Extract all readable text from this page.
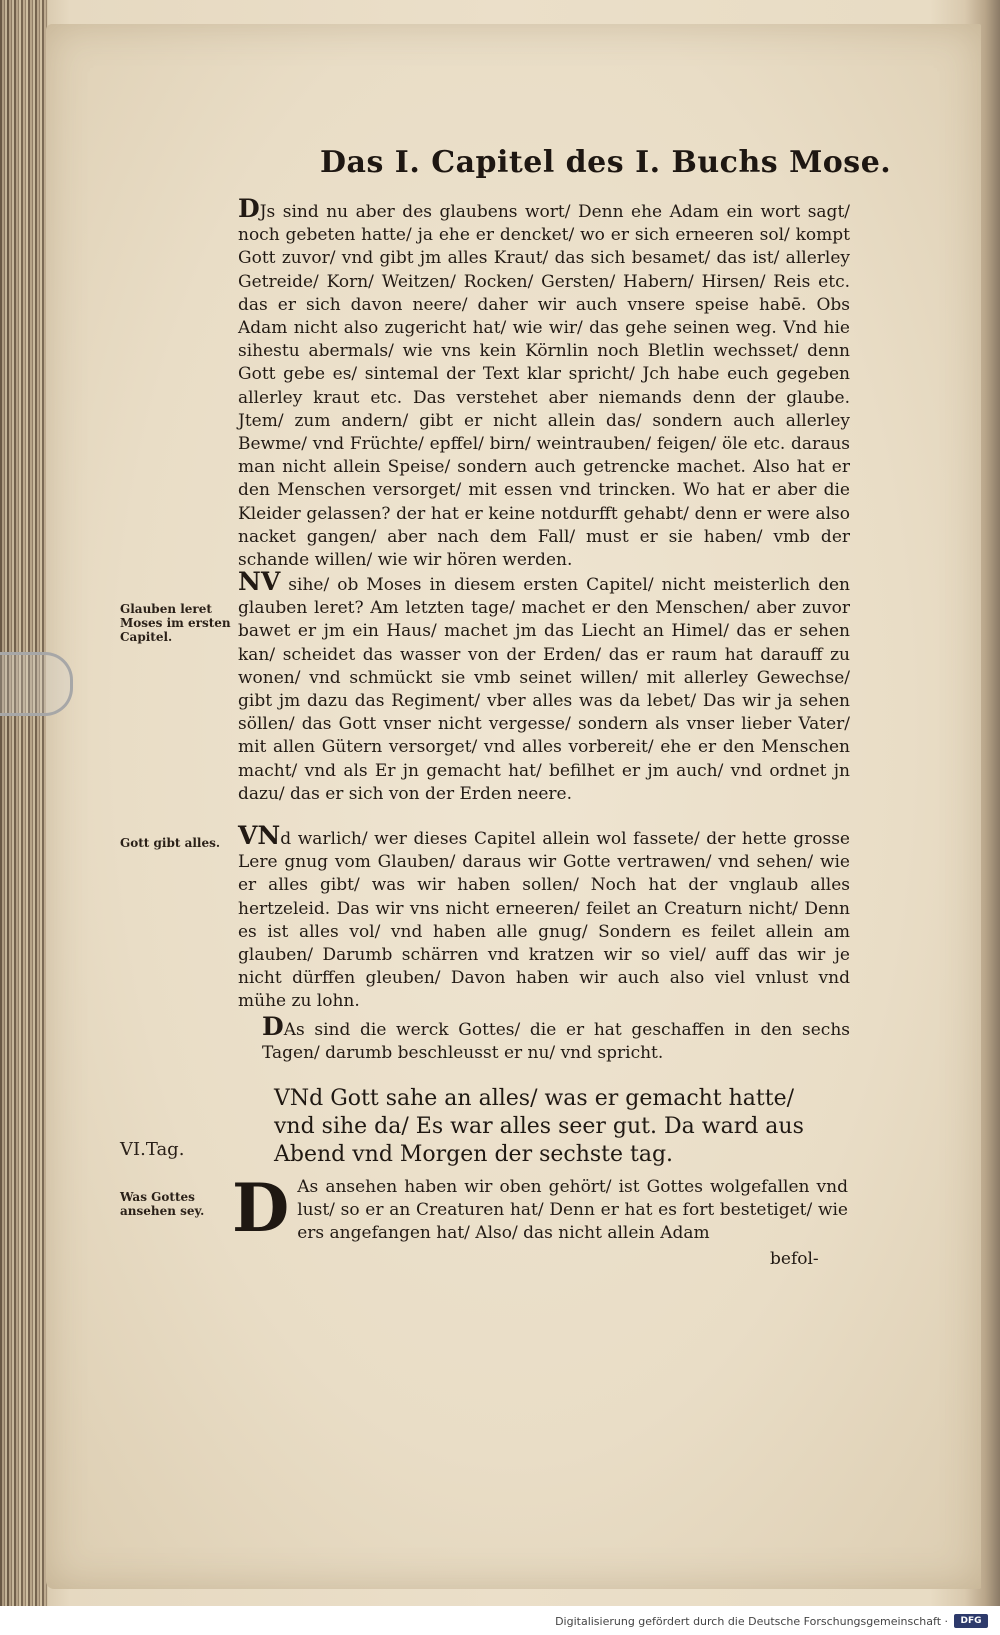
Das I. Capitel des I. Buchs Mose.

DJs sind nu aber des glaubens wort/ Denn ehe Adam ein wort sagt/ noch gebeten hatte/ ja ehe er dencket/ wo er sich erneeren sol/ kompt Gott zuvor/ vnd gibt jm alles Kraut/ das sich besamet/ das ist/ allerley Getreide/ Korn/ Weitzen/ Rocken/ Gersten/ Habern/ Hirsen/ Reis etc. das er sich davon neere/ daher wir auch vnsere speise habē. Obs Adam nicht also zugericht hat/ wie wir/ das gehe seinen weg. Vnd hie sihestu abermals/ wie vns kein Körnlin noch Bletlin wechsset/ denn Gott gebe es/ sintemal der Text klar spricht/ Jch habe euch gegeben allerley kraut etc. Das verstehet aber niemands denn der glaube. Jtem/ zum andern/ gibt er nicht allein das/ sondern auch allerley Bewme/ vnd Früchte/ epffel/ birn/ weintrauben/ feigen/ öle etc. daraus man nicht allein Speise/ sondern auch getrencke machet. Also hat er den Menschen versorget/ mit essen vnd trincken. Wo hat er aber die Kleider gelassen? der hat er keine notdurfft gehabt/ denn er were also nacket gangen/ aber nach dem Fall/ must er sie haben/ vmb der schande willen/ wie wir hören werden.

NV sihe/ ob Moses in diesem ersten Capitel/ nicht meisterlich den glauben leret? Am letzten tage/ machet er den Menschen/ aber zuvor bawet er jm ein Haus/ machet jm das Liecht an Himel/ das er sehen kan/ scheidet das wasser von der Erden/ das er raum hat darauff zu wonen/ vnd schmückt sie vmb seinet willen/ mit allerley Gewechse/ gibt jm dazu das Regiment/ vber alles was da lebet/ Das wir ja sehen söllen/ das Gott vnser nicht vergesse/ sondern als vnser lieber Vater/ mit allen Gütern versorget/ vnd alles vorbereit/ ehe er den Menschen macht/ vnd als Er jn gemacht hat/ befilhet er jm auch/ vnd ordnet jn dazu/ das er sich von der Erden neere.

VNd warlich/ wer dieses Capitel allein wol fassete/ der hette grosse Lere gnug vom Glauben/ daraus wir Gotte vertrawen/ vnd sehen/ wie er alles gibt/ was wir haben sollen/ Noch hat der vnglaub alles hertzeleid. Das wir vns nicht erneeren/ feilet an Creaturn nicht/ Denn es ist alles vol/ vnd haben alle gnug/ Sondern es feilet allein am glauben/ Darumb schärren vnd kratzen wir so viel/ auff das wir je nicht dürffen gleuben/ Davon haben wir auch also viel vnlust vnd mühe zu lohn.

DAs sind die werck Gottes/ die er hat geschaffen in den sechs Tagen/ darumb beschleusst er nu/ vnd spricht.

VNd Gott sahe an alles/ was er gemacht hatte/ vnd sihe da/ Es war alles seer gut. Da ward aus Abend vnd Morgen der sechste tag.

D As ansehen haben wir oben gehört/ ist Gottes wolgefallen vnd lust/ so er an Creaturen hat/ Denn er hat es fort bestetiget/ wie ers angefangen hat/ Also/ das nicht allein Adam

befol-
Glauben leret Moses im ersten Capitel.
Gott gibt alles.
VI.Tag.
Was Gottes ansehen sey.
Digitalisierung gefördert durch die Deutsche Forschungsgemeinschaft ·	DFG
